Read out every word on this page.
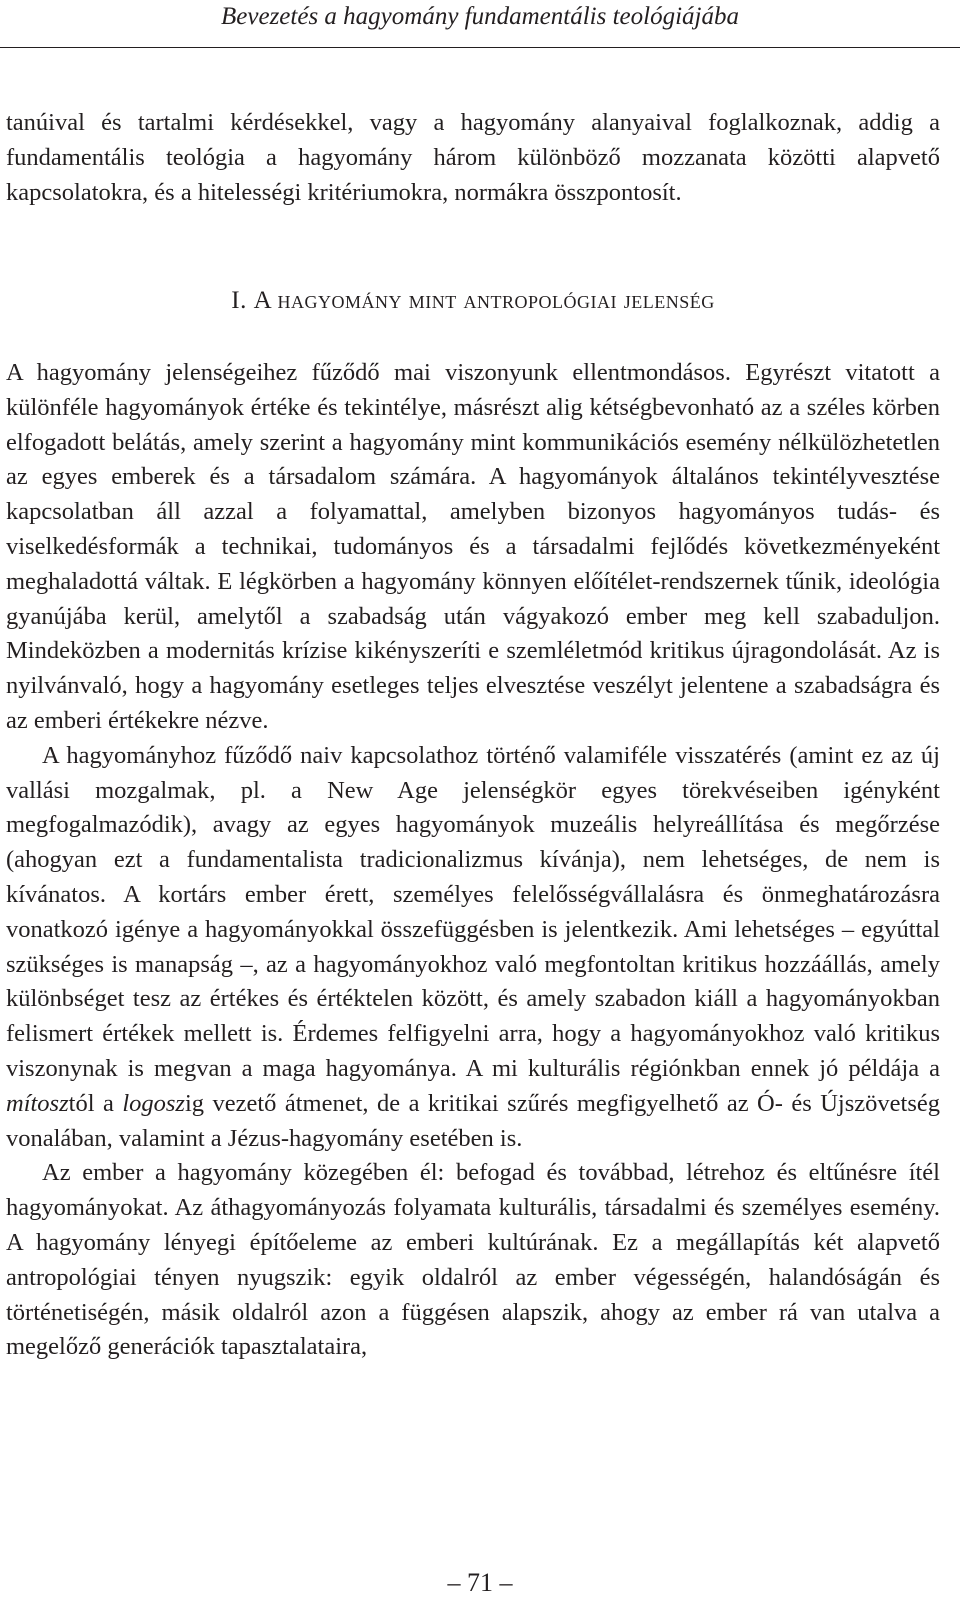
Bevezetés a hagyomány fundamentális teológiájába

tanúival és tartalmi kérdésekkel, vagy a hagyomány alanyaival foglalkoznak, addig a fundamentális teológia a hagyomány három különböző mozzanata közötti alapvető kapcsolatokra, és a hitelességi kritériumokra, normákra összpontosít.

I. A hagyomány mint antropológiai jelenség

A hagyomány jelenségeihez fűződő mai viszonyunk ellentmondásos. Egyrészt vitatott a különféle hagyományok értéke és tekintélye, másrészt alig kétségbevonható az a széles körben elfogadott belátás, amely szerint a hagyomány mint kommunikációs esemény nélkülözhetetlen az egyes emberek és a társadalom számára. A hagyományok általános tekintélyvesztése kapcsolatban áll azzal a folyamattal, amelyben bizonyos hagyományos tudás- és viselkedésformák a technikai, tudományos és a társadalmi fejlődés következményeként meghaladottá váltak. E légkörben a hagyomány könnyen előítélet-rendszernek tűnik, ideológia gyanújába kerül, amelytől a szabadság után vágyakozó ember meg kell szabaduljon. Mindeközben a modernitás krízise kikényszeríti e szemléletmód kritikus újragondolását. Az is nyilvánvaló, hogy a hagyomány esetleges teljes elvesztése veszélyt jelentene a szabadságra és az emberi értékekre nézve.

A hagyományhoz fűződő naiv kapcsolathoz történő valamiféle visszatérés (amint ez az új vallási mozgalmak, pl. a New Age jelenségkör egyes törekvéseiben igényként megfogalmazódik), avagy az egyes hagyományok muzeális helyreállítása és megőrzése (ahogyan ezt a fundamentalista tradicionalizmus kívánja), nem lehetséges, de nem is kívánatos. A kortárs ember érett, személyes felelősségvállalásra és önmeghatározásra vonatkozó igénye a hagyományokkal összefüggésben is jelentkezik. Ami lehetséges – egyúttal szükséges is manapság –, az a hagyományokhoz való megfontoltan kritikus hozzáállás, amely különbséget tesz az értékes és értéktelen között, és amely szabadon kiáll a hagyományokban felismert értékek mellett is. Érdemes felfigyelni arra, hogy a hagyományokhoz való kritikus viszonynak is megvan a maga hagyománya. A mi kulturális régiónkban ennek jó példája a mítosztól a logoszig vezető átmenet, de a kritikai szűrés megfigyelhető az Ó- és Újszövetség vonalában, valamint a Jézus-hagyomány esetében is.

Az ember a hagyomány közegében él: befogad és továbbad, létrehoz és eltűnésre ítél hagyományokat. Az áthagyományozás folyamata kulturális, társadalmi és személyes esemény. A hagyomány lényegi építőeleme az emberi kultúrának. Ez a megállapítás két alapvető antropológiai tényen nyugszik: egyik oldalról az ember végességén, halandóságán és történetiségén, másik oldalról azon a függésen alapszik, ahogy az ember rá van utalva a megelőző generációk tapasztalataira,

– 71 –
